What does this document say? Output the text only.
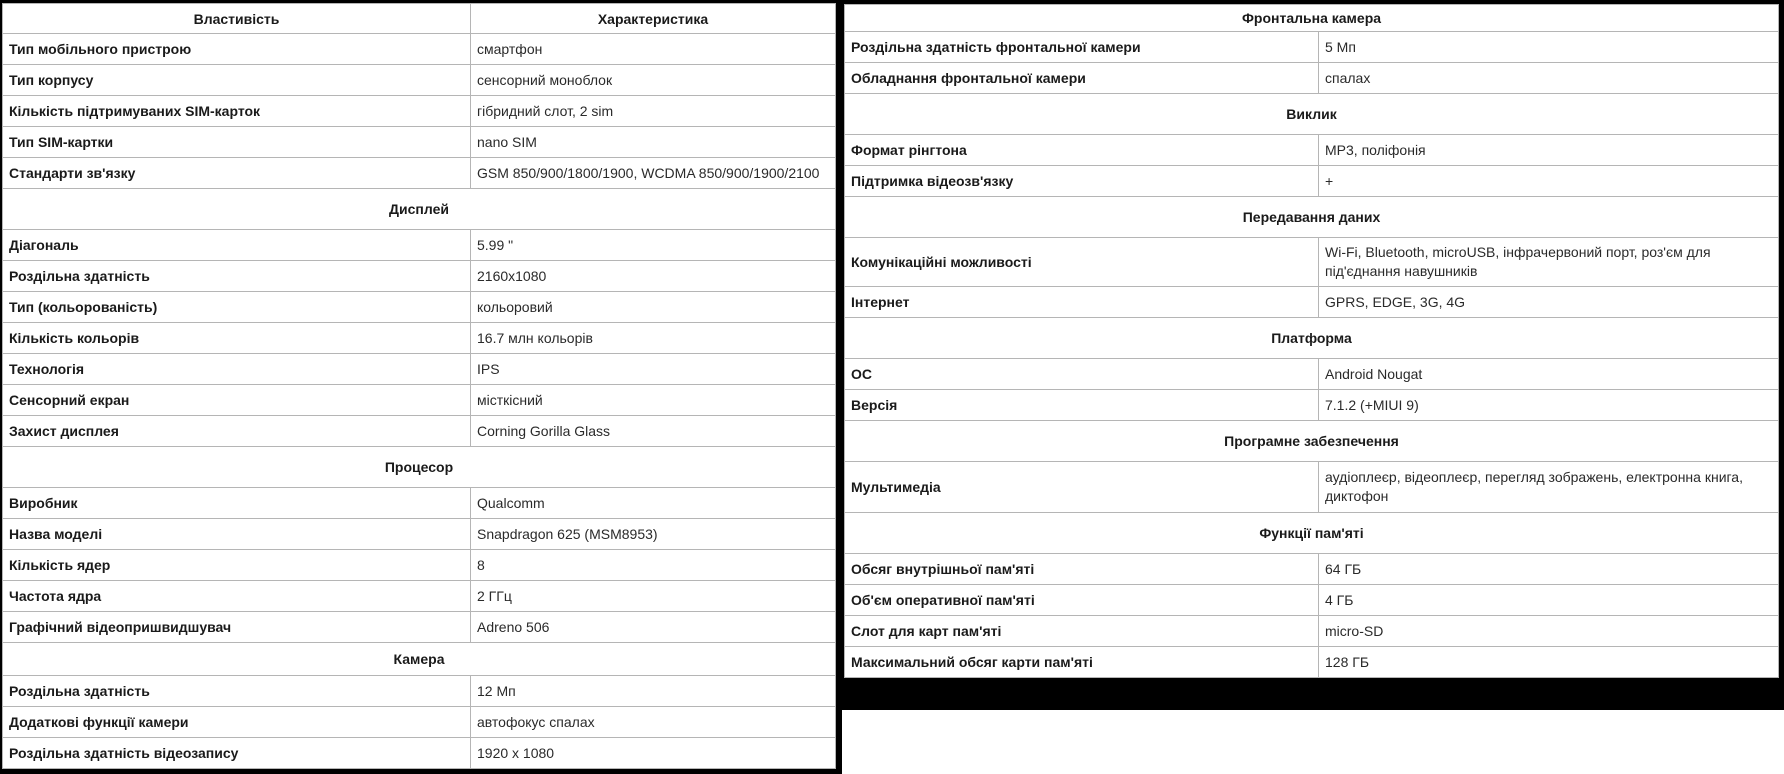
Властивість	Характеристика
Тип мобільного пристрою	смартфон
Тип корпусу	сенсорний моноблок
Кількість підтримуваних SIM-карток	гібридний слот, 2 sim
Тип SIM-картки	nano SIM
Стандарти зв'язку	GSM 850/900/1800/1900, WCDMA 850/900/1900/2100
Дисплей	
Діагональ	5.99 "
Роздільна здатність	2160x1080
Тип (кольорованість)	кольоровий
Кількість кольорів	16.7 млн кольорів
Технологія	IPS
Сенсорний екран	місткісний
Захист дисплея	Corning Gorilla Glass
Процесор	
Виробник	Qualcomm
Назва моделі	Snapdragon 625 (MSM8953)
Кількість ядер	8
Частота ядра	2 ГГц
Графічний відеопришвидшувач	Adreno 506
Камера	
Роздільна здатність	12 Мп
Додаткові функції камери	автофокус спалах
Роздільна здатність відеозапису	1920 x 1080
Фронтальна камера	
Роздільна здатність фронтальної камери	5 Мп
Обладнання фронтальної камери	спалах
Виклик	
Формат рінгтона	MP3, поліфонія
Підтримка відеозв'язку	+
Передавання даних	
Комунікаційні можливості	Wi-Fi, Bluetooth, microUSB, інфрачервоний порт, роз'єм для під'єднання навушників
Інтернет	GPRS, EDGE, 3G, 4G
Платформа	
ОС	Android Nougat
Версія	7.1.2 (+MIUI 9)
Програмне забезпечення	
Мультимедіа	аудіоплеєр, відеоплеєр, перегляд зображень, електронна книга, диктофон
Функції пам'яті	
Обсяг внутрішньої пам'яті	64 ГБ
Об'єм оперативної пам'яті	4 ГБ
Слот для карт пам'яті	micro-SD
Максимальний обсяг карти пам'яті	128 ГБ
